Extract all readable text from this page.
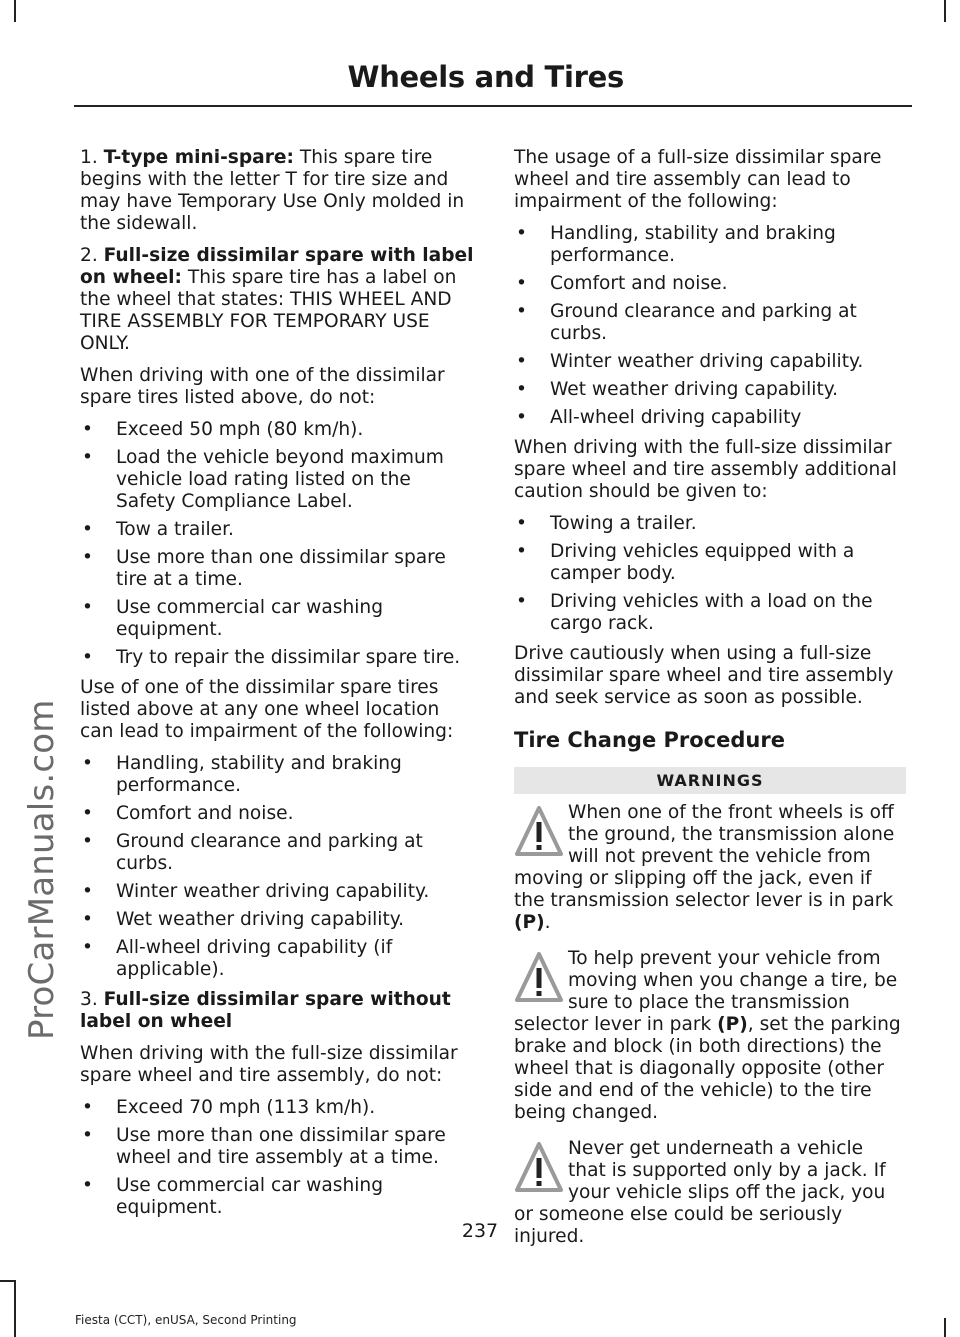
Wheels and Tires
ProCarManuals.com

1. T-type mini-spare: This spare tire begins with the letter T for tire size and may have Temporary Use Only molded in the sidewall.

2. Full-size dissimilar spare with label on wheel: This spare tire has a label on the wheel that states: THIS WHEEL AND TIRE ASSEMBLY FOR TEMPORARY USE ONLY.

When driving with one of the dissimilar spare tires listed above, do not:

• Exceed 50 mph (80 km/h).
• Load the vehicle beyond maximum vehicle load rating listed on the Safety Compliance Label.
• Tow a trailer.
• Use more than one dissimilar spare tire at a time.
• Use commercial car washing equipment.
• Try to repair the dissimilar spare tire.

Use of one of the dissimilar spare tires listed above at any one wheel location can lead to impairment of the following:

• Handling, stability and braking performance.
• Comfort and noise.
• Ground clearance and parking at curbs.
• Winter weather driving capability.
• Wet weather driving capability.
• All-wheel driving capability (if applicable).

3. Full-size dissimilar spare without label on wheel

When driving with the full-size dissimilar spare wheel and tire assembly, do not:

• Exceed 70 mph (113 km/h).
• Use more than one dissimilar spare wheel and tire assembly at a time.
• Use commercial car washing equipment.

The usage of a full-size dissimilar spare wheel and tire assembly can lead to impairment of the following:

• Handling, stability and braking performance.
• Comfort and noise.
• Ground clearance and parking at curbs.
• Winter weather driving capability.
• Wet weather driving capability.
• All-wheel driving capability

When driving with the full-size dissimilar spare wheel and tire assembly additional caution should be given to:

• Towing a trailer.
• Driving vehicles equipped with a camper body.
• Driving vehicles with a load on the cargo rack.

Drive cautiously when using a full-size dissimilar spare wheel and tire assembly and seek service as soon as possible.

Tire Change Procedure
WARNINGS
When one of the front wheels is off the ground, the transmission alone will not prevent the vehicle from moving or slipping off the jack, even if the transmission selector lever is in park (P).
To help prevent your vehicle from moving when you change a tire, be sure to place the transmission selector lever in park (P), set the parking brake and block (in both directions) the wheel that is diagonally opposite (other side and end of the vehicle) to the tire being changed.
Never get underneath a vehicle that is supported only by a jack. If your vehicle slips off the jack, you or someone else could be seriously injured.
237
Fiesta (CCT), enUSA, Second Printing
